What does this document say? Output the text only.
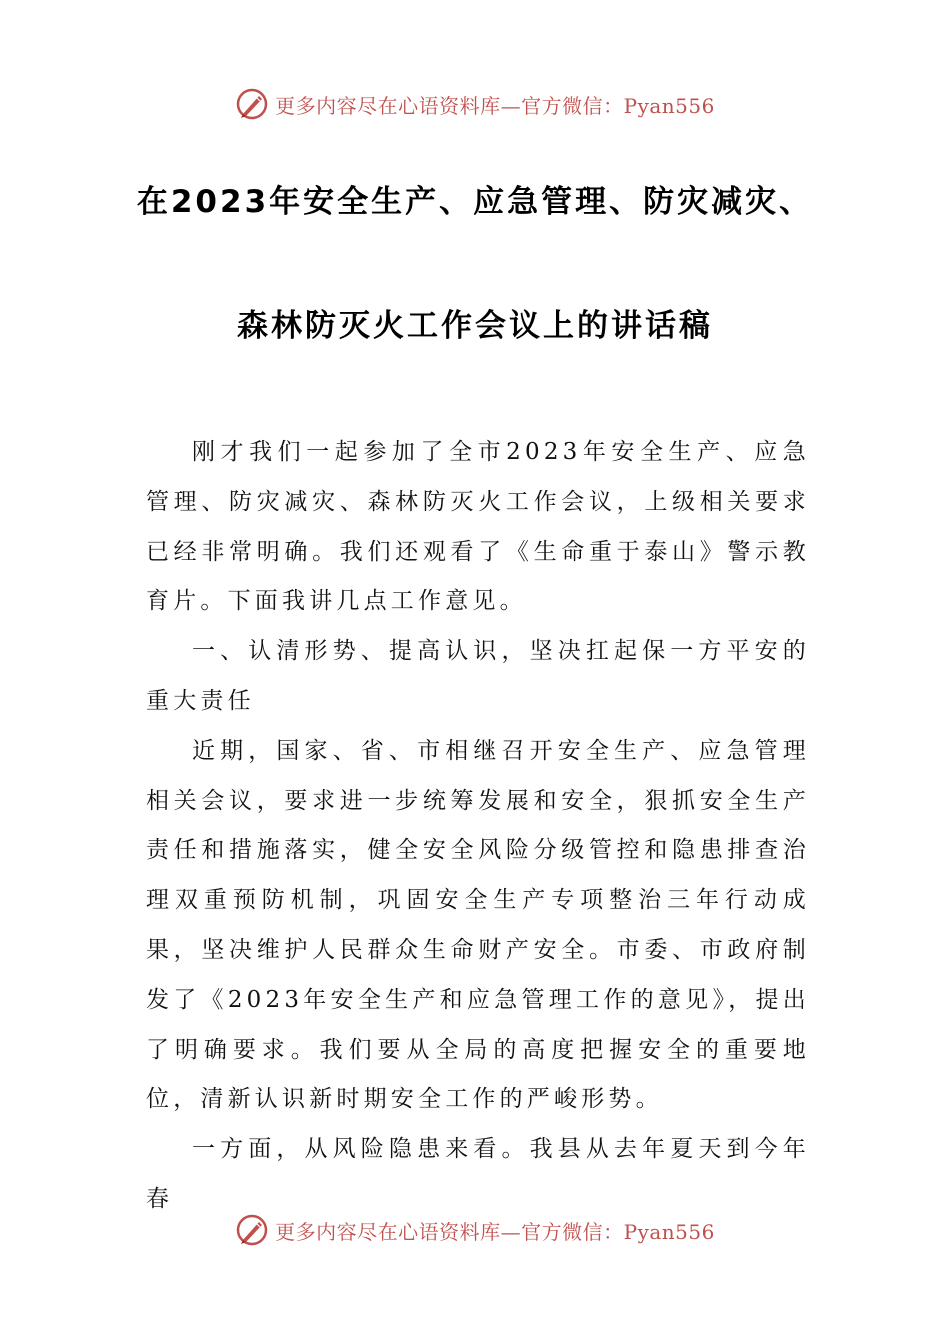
更多内容尽在心语资料库—官方微信：Pyan556
在2023年安全生产、应急管理、防灾减灾、
森林防灭火工作会议上的讲话稿

刚才我们一起参加了全市2023年安全生产、应急管理、防灾减灾、森林防灭火工作会议，上级相关要求已经非常明确。我们还观看了《生命重于泰山》警示教育片。下面我讲几点工作意见。

一、认清形势、提高认识，坚决扛起保一方平安的重大责任

近期，国家、省、市相继召开安全生产、应急管理相关会议，要求进一步统筹发展和安全，狠抓安全生产责任和措施落实，健全安全风险分级管控和隐患排查治理双重预防机制，巩固安全生产专项整治三年行动成果，坚决维护人民群众生命财产安全。市委、市政府制发了《2023年安全生产和应急管理工作的意见》，提出了明确要求。我们要从全局的高度把握安全的重要地位，清新认识新时期安全工作的严峻形势。

一方面，从风险隐患来看。我县从去年夏天到今年春

更多内容尽在心语资料库—官方微信：Pyan556
